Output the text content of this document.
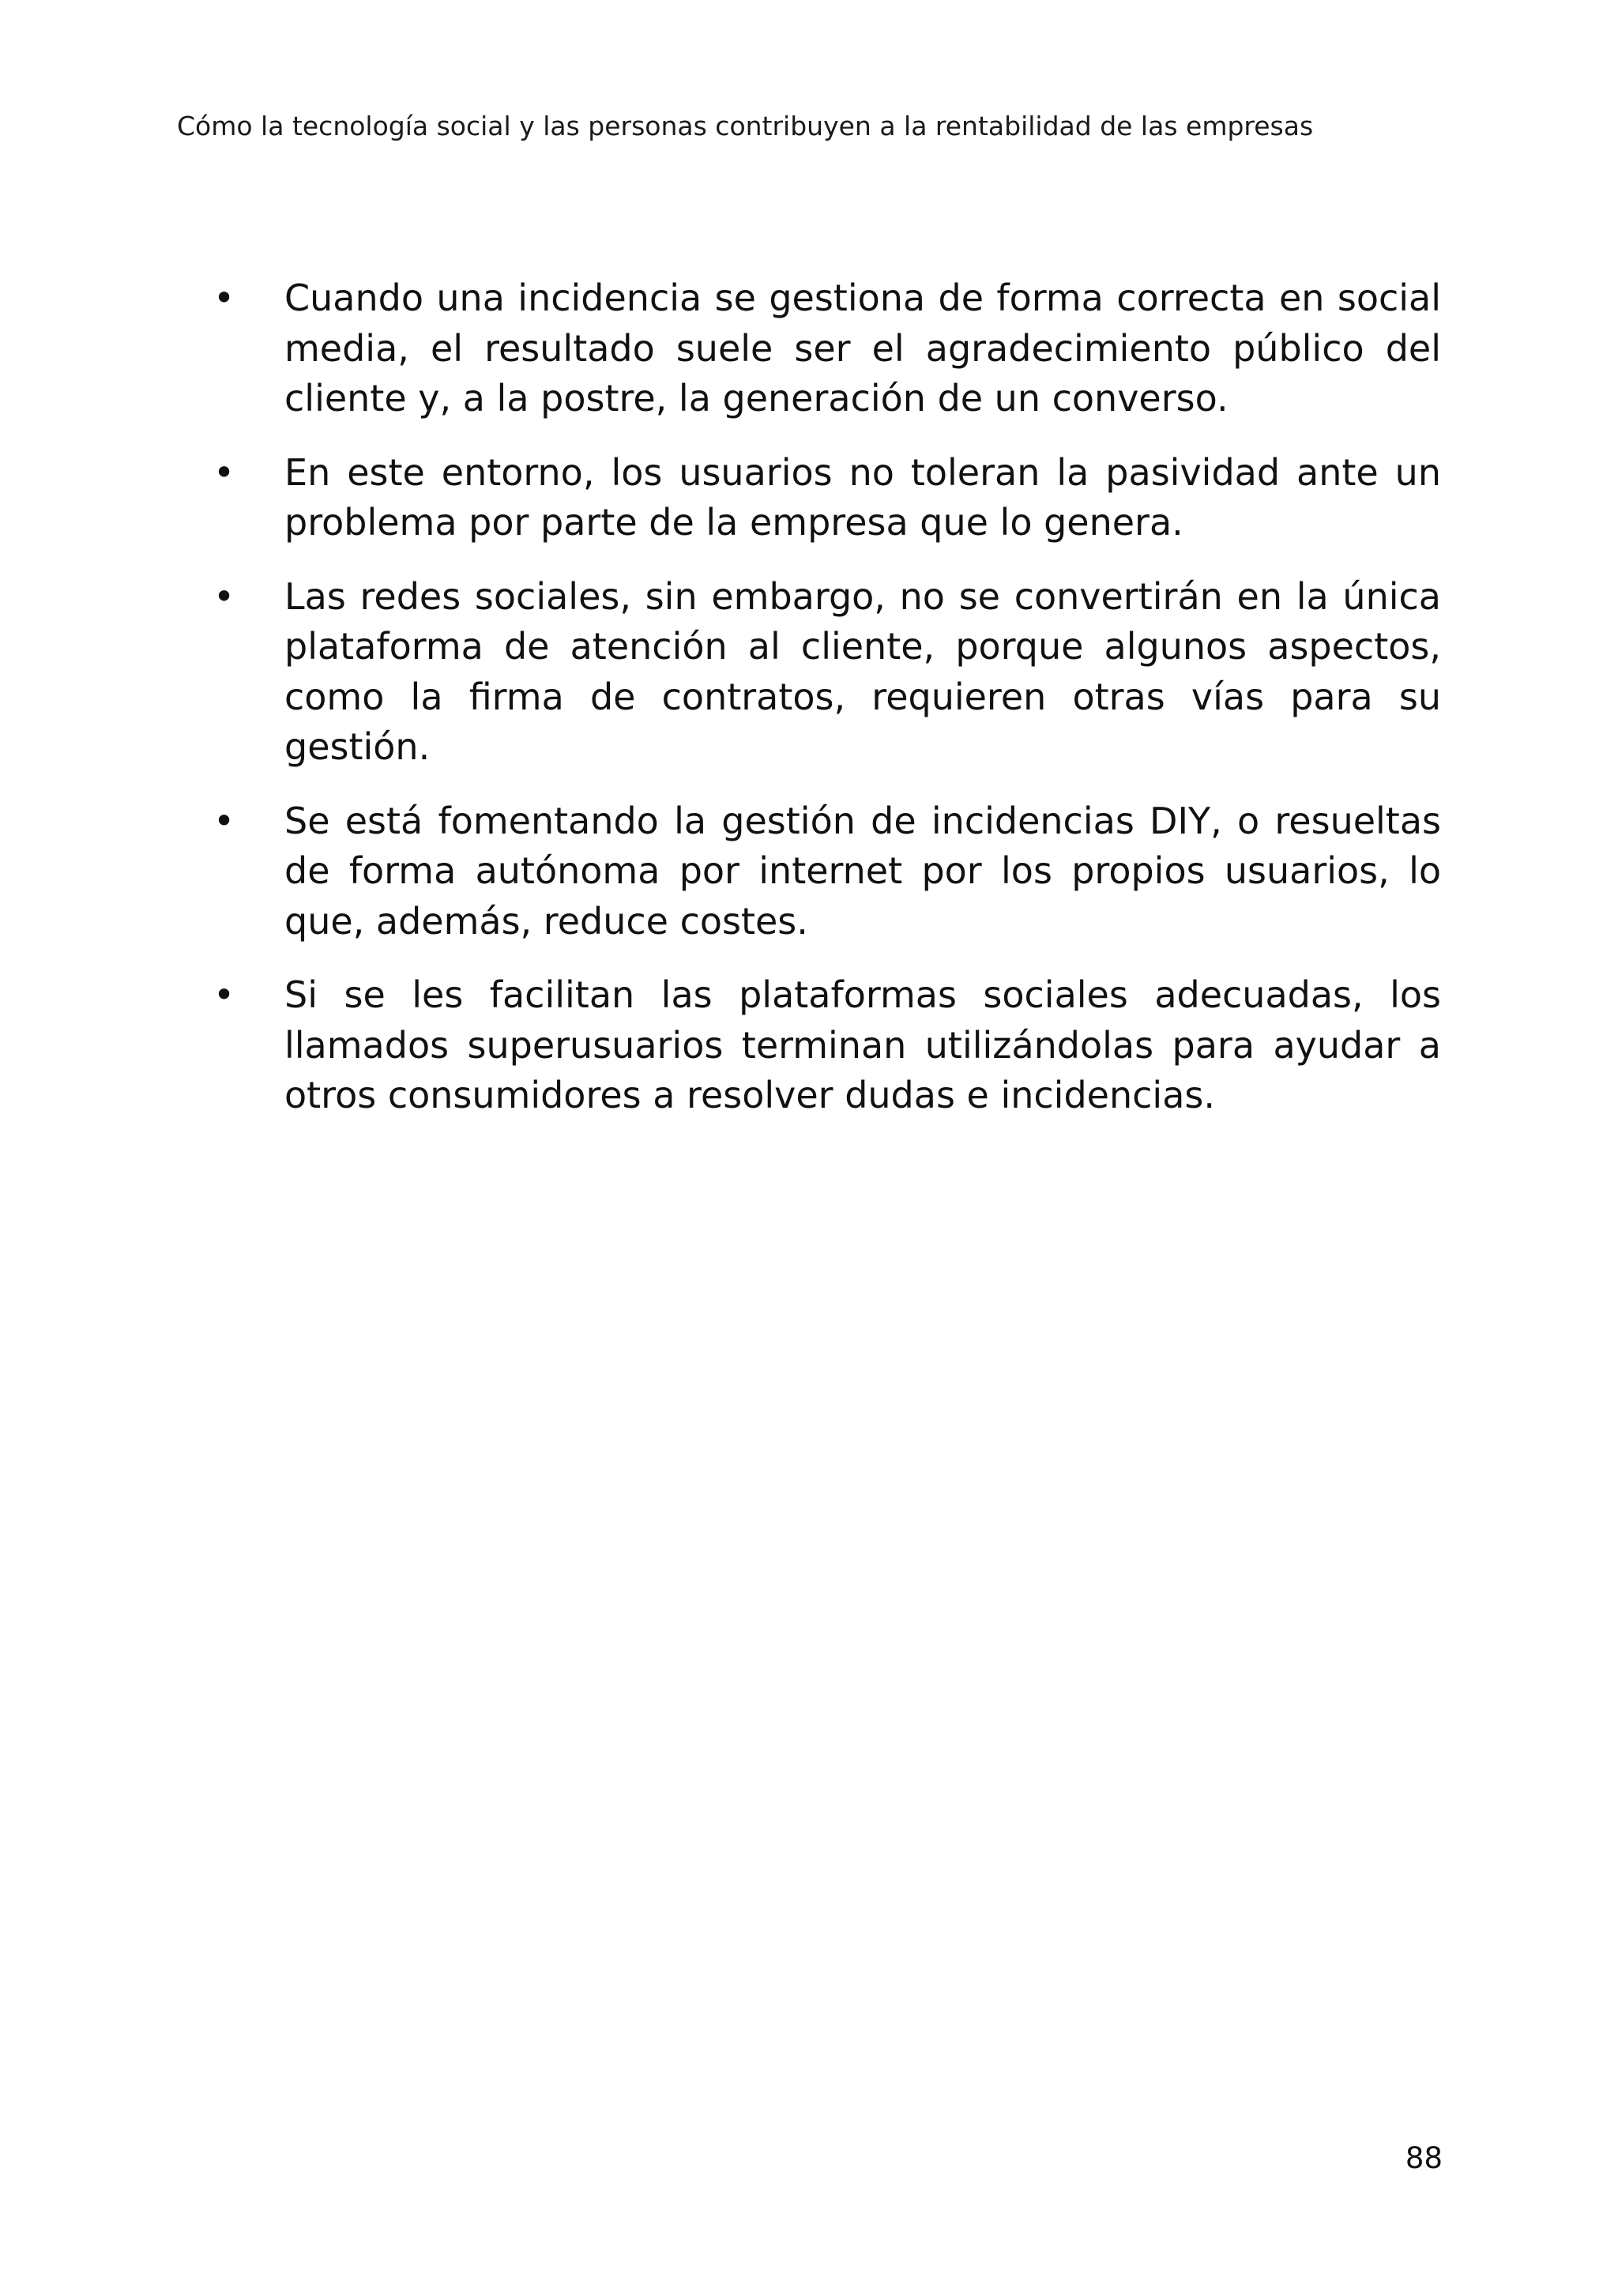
Cómo la tecnología social y las personas contribuyen a la rentabilidad de las empresas
• Cuando una incidencia se gestiona de forma correcta en social media, el resultado suele ser el agradecimiento público del cliente y, a la postre, la generación de un converso.
• En este entorno, los usuarios no toleran la pasividad ante un problema por parte de la empresa que lo genera.
• Las redes sociales, sin embargo, no se convertirán en la única plataforma de atención al cliente, porque algunos aspectos, como la firma de contratos, requieren otras vías para su gestión.
• Se está fomentando la gestión de incidencias DIY, o resueltas de forma autónoma por internet por los propios usuarios, lo que, además, reduce costes.
• Si se les facilitan las plataformas sociales adecuadas, los llamados superusuarios terminan utilizándolas para ayudar a otros consumidores a resolver dudas e incidencias.
88
